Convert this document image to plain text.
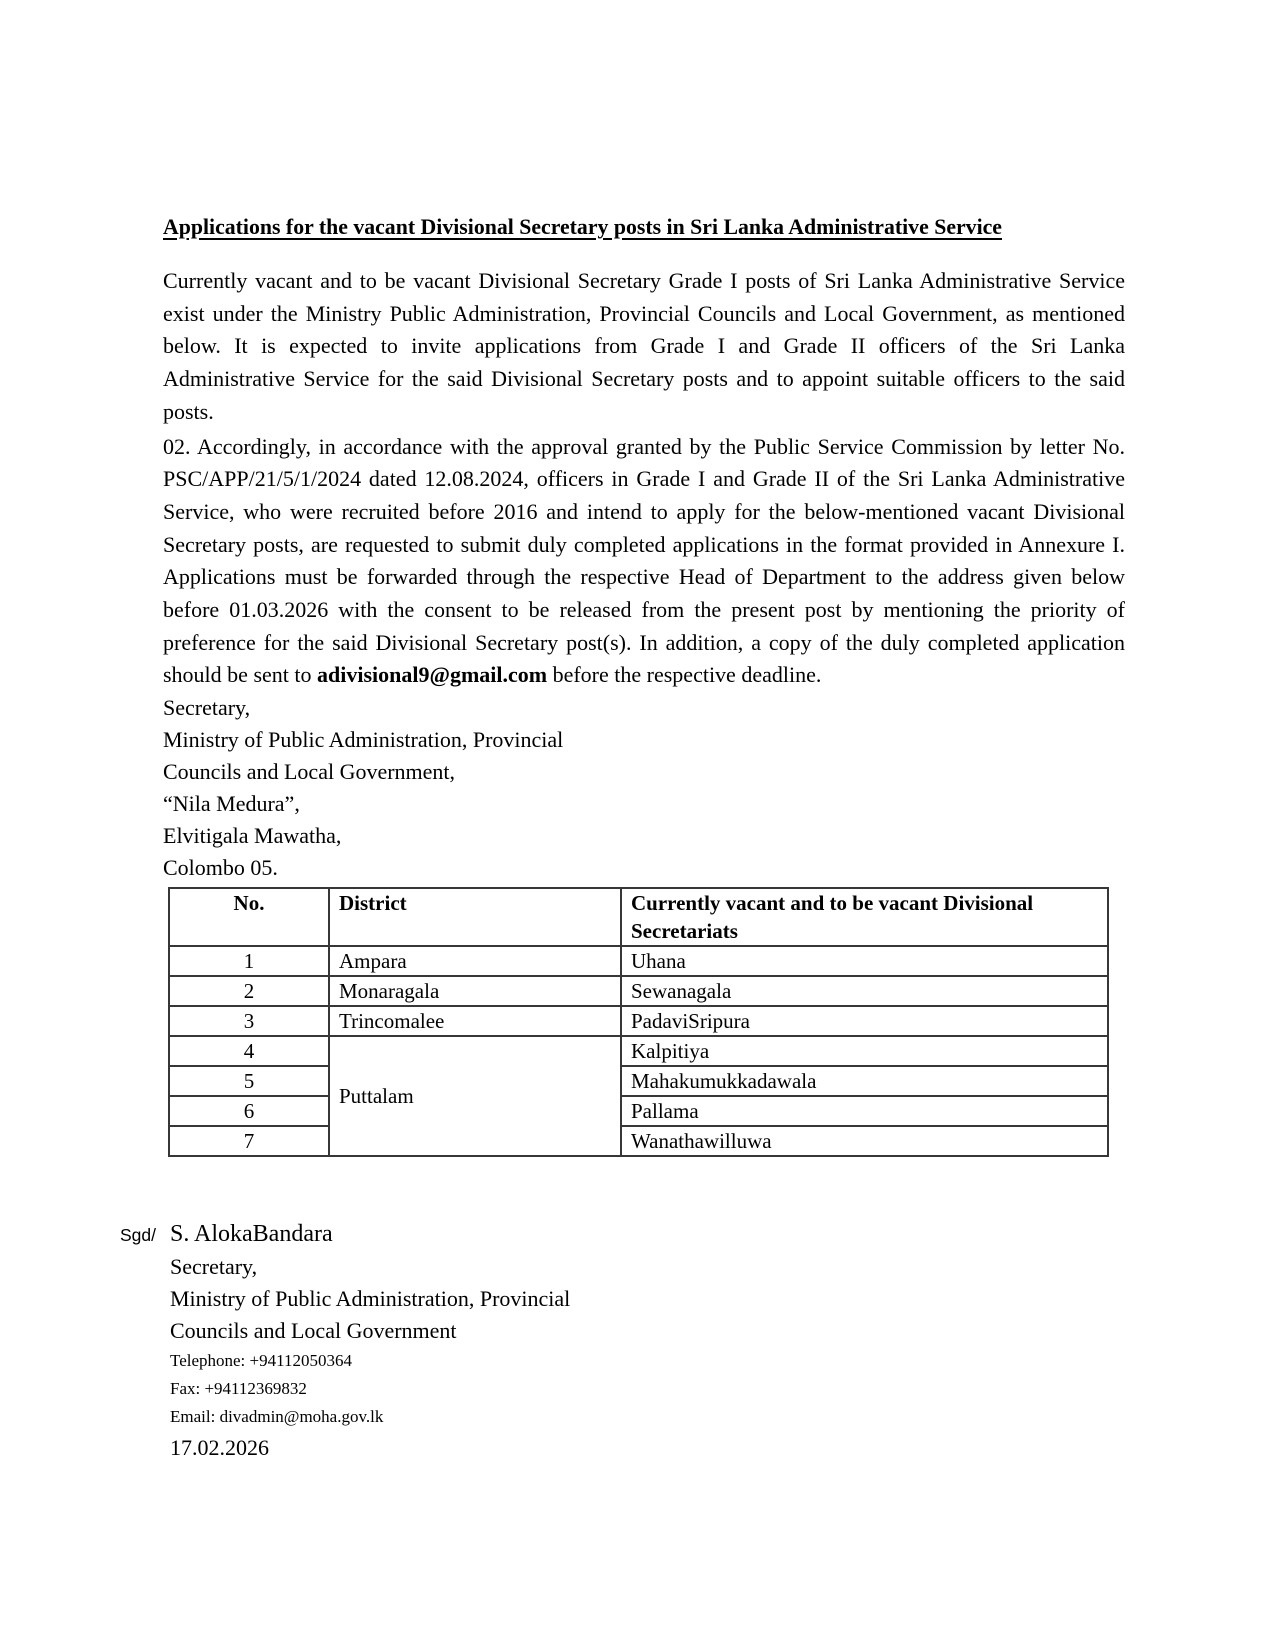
Applications for the vacant Divisional Secretary posts in Sri Lanka Administrative Service

Currently vacant and to be vacant Divisional Secretary Grade I posts of Sri Lanka Administrative Service exist under the Ministry Public Administration, Provincial Councils and Local Government, as mentioned below. It is expected to invite applications from Grade I and Grade II officers of the Sri Lanka Administrative Service for the said Divisional Secretary posts and to appoint suitable officers to the said posts.

02. Accordingly, in accordance with the approval granted by the Public Service Commission by letter No. PSC/APP/21/5/1/2024 dated 12.08.2024, officers in Grade I and Grade II of the Sri Lanka Administrative Service, who were recruited before 2016 and intend to apply for the below-mentioned vacant Divisional Secretary posts, are requested to submit duly completed applications in the format provided in Annexure I. Applications must be forwarded through the respective Head of Department to the address given below before 01.03.2026 with the consent to be released from the present post by mentioning the priority of preference for the said Divisional Secretary post(s). In addition, a copy of the duly completed application should be sent to adivisional9@gmail.com before the respective deadline.

Secretary,
Ministry of Public Administration, Provincial
Councils and Local Government,
“Nila Medura”,
Elvitigala Mawatha,
Colombo 05.
No.	District	Currently vacant and to be vacant Divisional Secretariats
1	Ampara	Uhana
2	Monaragala	Sewanagala
3	Trincomalee	PadaviSripura
4	Puttalam	Kalpitiya
5		Mahakumukkadawala
6		Pallama
7		Wanathawilluwa
Sgd/ S. AlokaBandara
Secretary,
Ministry of Public Administration, Provincial
Councils and Local Government
Telephone: +94112050364
Fax: +94112369832
Email: divadmin@moha.gov.lk
17.02.2026
